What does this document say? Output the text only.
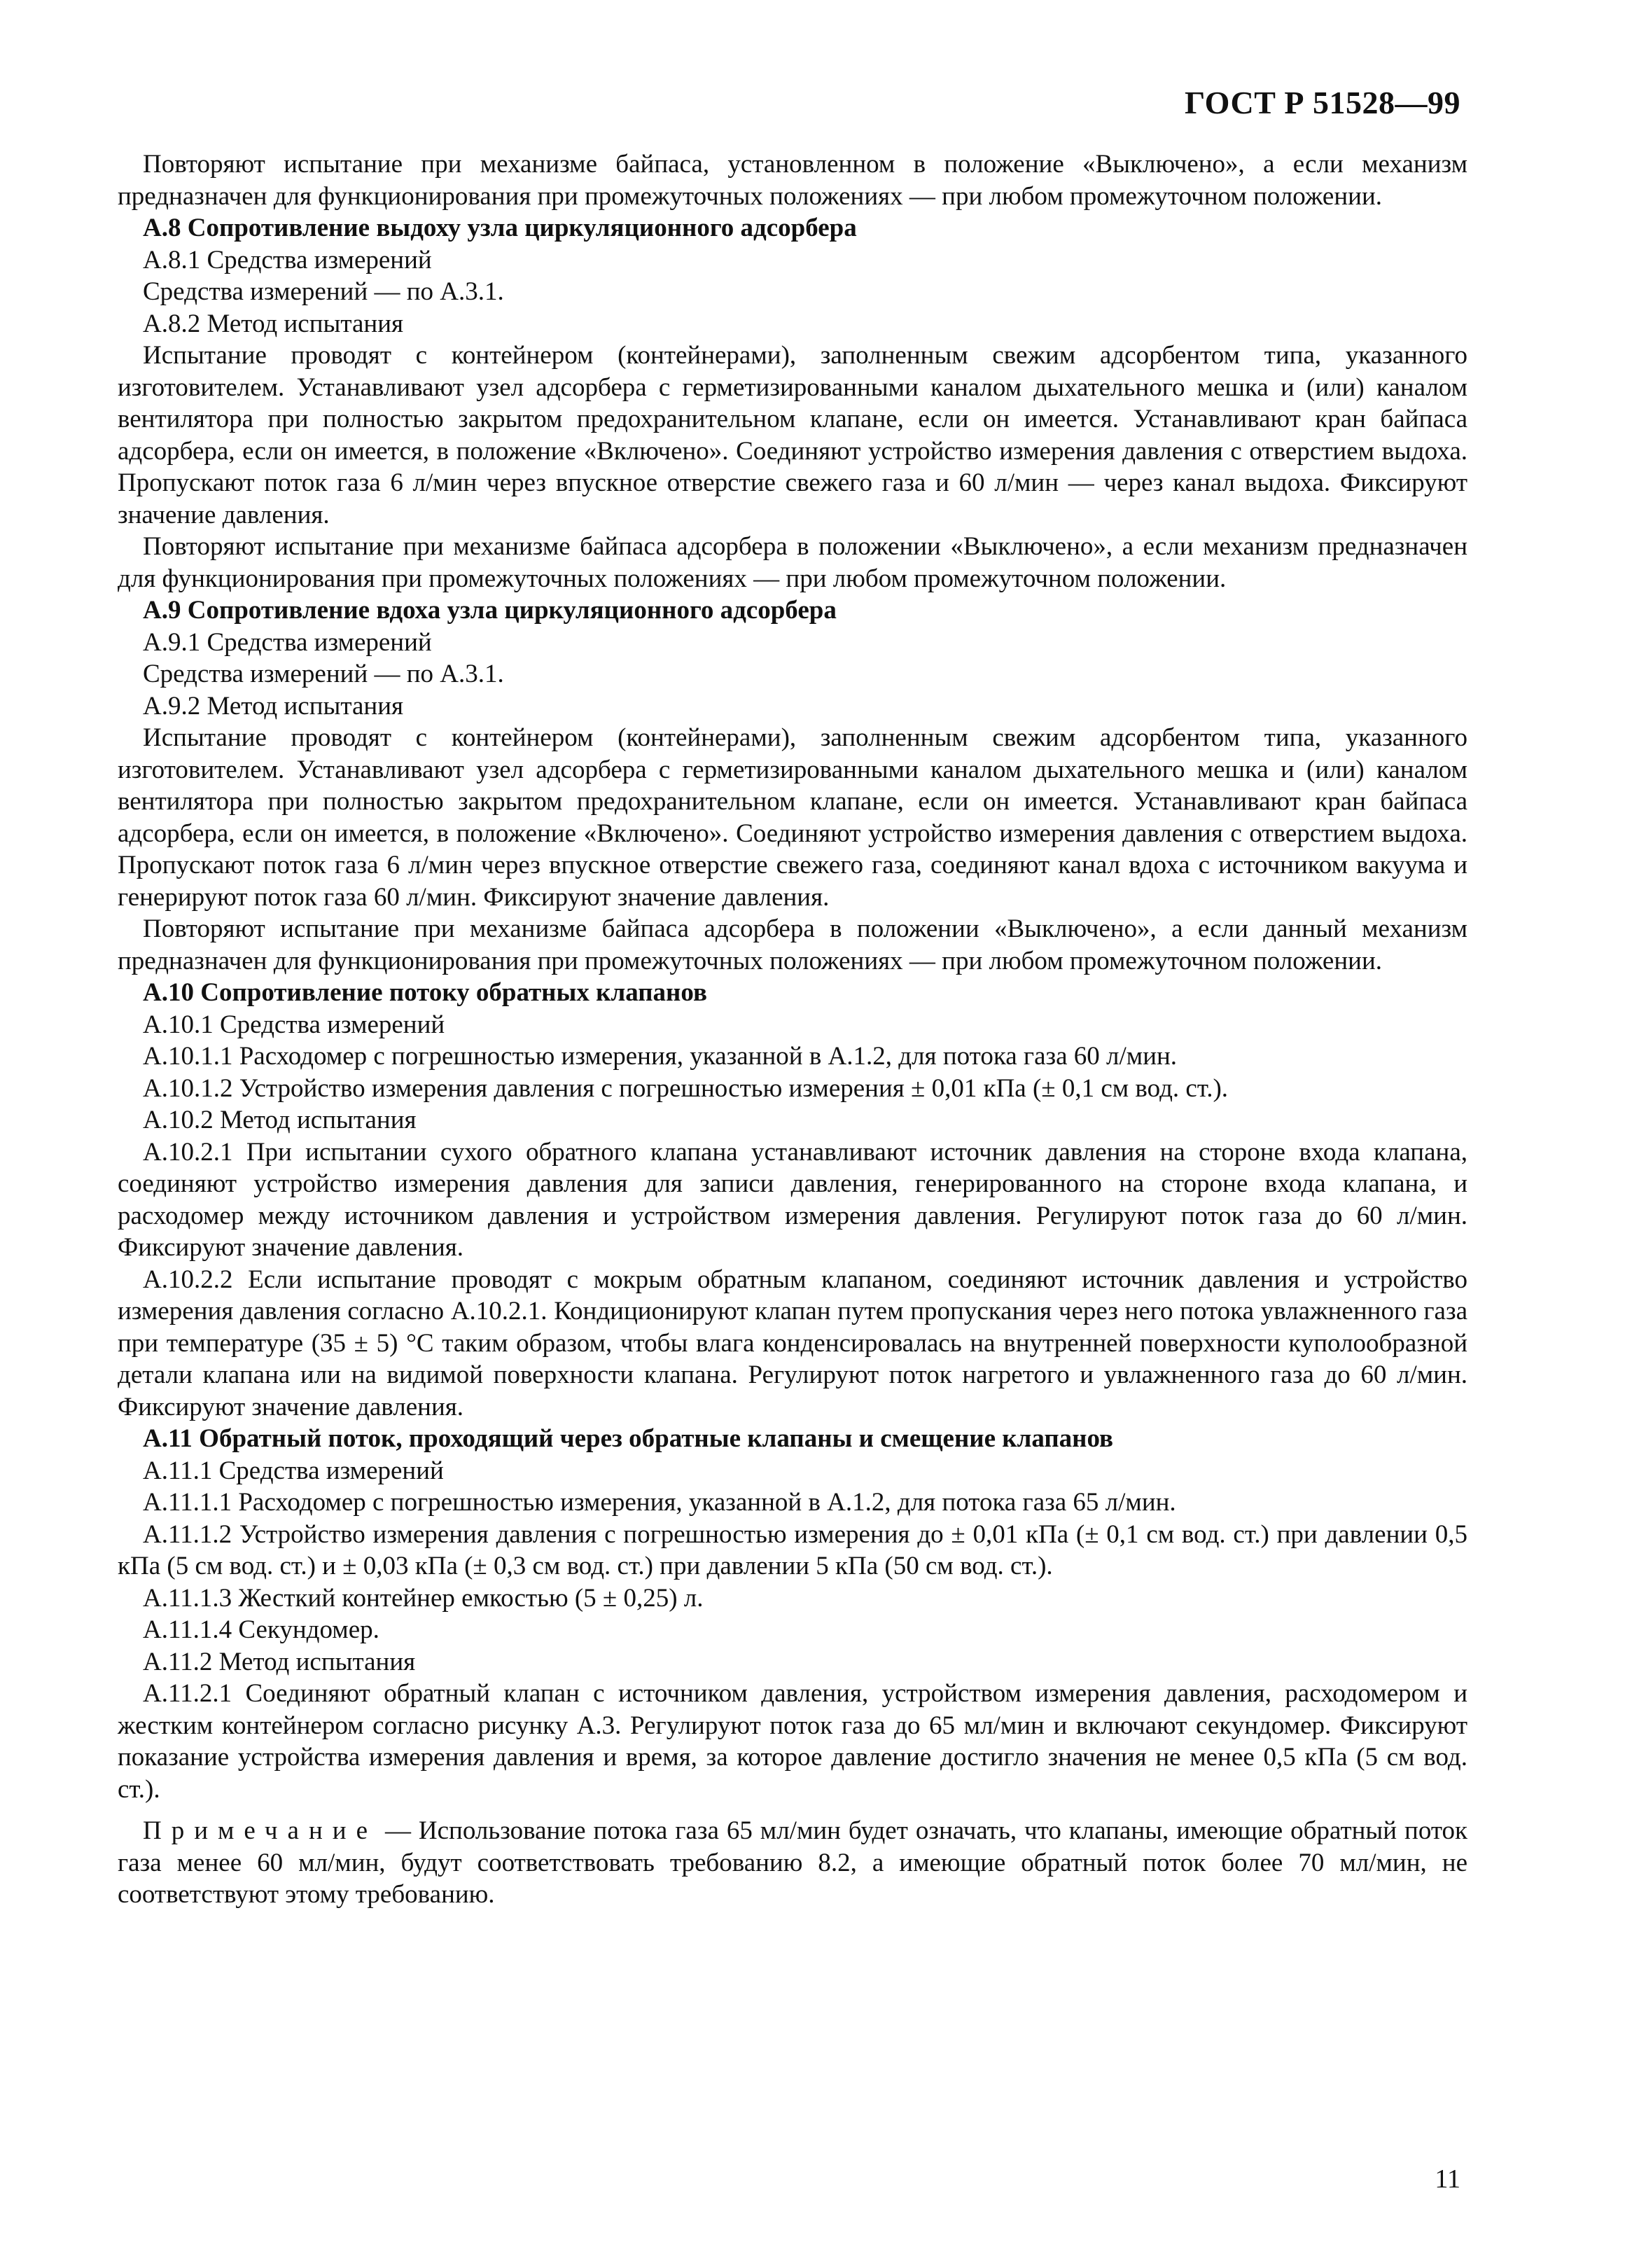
ГОСТ Р 51528—99

Повторяют испытание при механизме байпаса, установленном в положение «Выключено», а если механизм предназначен для функционирования при промежуточных положениях — при любом промежуточном положении.

А.8 Сопротивление выдоху узла циркуляционного адсорбера

А.8.1 Средства измерений

Средства измерений — по А.3.1.

А.8.2 Метод испытания

Испытание проводят с контейнером (контейнерами), заполненным свежим адсорбентом типа, указанного изготовителем. Устанавливают узел адсорбера с герметизированными каналом дыхательного мешка и (или) каналом вентилятора при полностью закрытом предохранительном клапане, если он имеется. Устанавливают кран байпаса адсорбера, если он имеется, в положение «Включено». Соединяют устройство измерения давления с отверстием выдоха. Пропускают поток газа 6 л/мин через впускное отверстие свежего газа и 60 л/мин — через канал выдоха. Фиксируют значение давления.

Повторяют испытание при механизме байпаса адсорбера в положении «Выключено», а если механизм предназначен для функционирования при промежуточных положениях — при любом промежуточном положении.

А.9 Сопротивление вдоха узла циркуляционного адсорбера

А.9.1 Средства измерений

Средства измерений — по А.3.1.

А.9.2 Метод испытания

Испытание проводят с контейнером (контейнерами), заполненным свежим адсорбентом типа, указанного изготовителем. Устанавливают узел адсорбера с герметизированными каналом дыхательного мешка и (или) каналом вентилятора при полностью закрытом предохранительном клапане, если он имеется. Устанавливают кран байпаса адсорбера, если он имеется, в положение «Включено». Соединяют устройство измерения давления с отверстием выдоха. Пропускают поток газа 6 л/мин через впускное отверстие свежего газа, соединяют канал вдоха с источником вакуума и генерируют поток газа 60 л/мин. Фиксируют значение давления.

Повторяют испытание при механизме байпаса адсорбера в положении «Выключено», а если данный механизм предназначен для функционирования при промежуточных положениях — при любом промежуточном положении.

А.10 Сопротивление потоку обратных клапанов

А.10.1 Средства измерений

А.10.1.1 Расходомер с погрешностью измерения, указанной в А.1.2, для потока газа 60 л/мин.

А.10.1.2 Устройство измерения давления с погрешностью измерения ± 0,01 кПа (± 0,1 см вод. ст.).

А.10.2 Метод испытания

А.10.2.1 При испытании сухого обратного клапана устанавливают источник давления на стороне входа клапана, соединяют устройство измерения давления для записи давления, генерированного на стороне входа клапана, и расходомер между источником давления и устройством измерения давления. Регулируют поток газа до 60 л/мин. Фиксируют значение давления.

А.10.2.2 Если испытание проводят с мокрым обратным клапаном, соединяют источник давления и устройство измерения давления согласно А.10.2.1. Кондиционируют клапан путем пропускания через него потока увлажненного газа при температуре (35 ± 5) °С таким образом, чтобы влага конденсировалась на внутренней поверхности куполообразной детали клапана или на видимой поверхности клапана. Регулируют поток нагретого и увлажненного газа до 60 л/мин. Фиксируют значение давления.

А.11 Обратный поток, проходящий через обратные клапаны и смещение клапанов

А.11.1 Средства измерений

А.11.1.1 Расходомер с погрешностью измерения, указанной в А.1.2, для потока газа 65 л/мин.

А.11.1.2 Устройство измерения давления с погрешностью измерения до ± 0,01 кПа (± 0,1 см вод. ст.) при давлении 0,5 кПа (5 см вод. ст.) и ± 0,03 кПа (± 0,3 см вод. ст.) при давлении 5 кПа (50 см вод. ст.).

А.11.1.3 Жесткий контейнер емкостью (5 ± 0,25) л.

А.11.1.4 Секундомер.

А.11.2 Метод испытания

А.11.2.1 Соединяют обратный клапан с источником давления, устройством измерения давления, расходомером и жестким контейнером согласно рисунку А.3. Регулируют поток газа до 65 мл/мин и включают секундомер. Фиксируют показание устройства измерения давления и время, за которое давление достигло значения не менее 0,5 кПа (5 см вод. ст.).

Примечание — Использование потока газа 65 мл/мин будет означать, что клапаны, имеющие обратный поток газа менее 60 мл/мин, будут соответствовать требованию 8.2, а имеющие обратный поток более 70 мл/мин, не соответствуют этому требованию.

11
